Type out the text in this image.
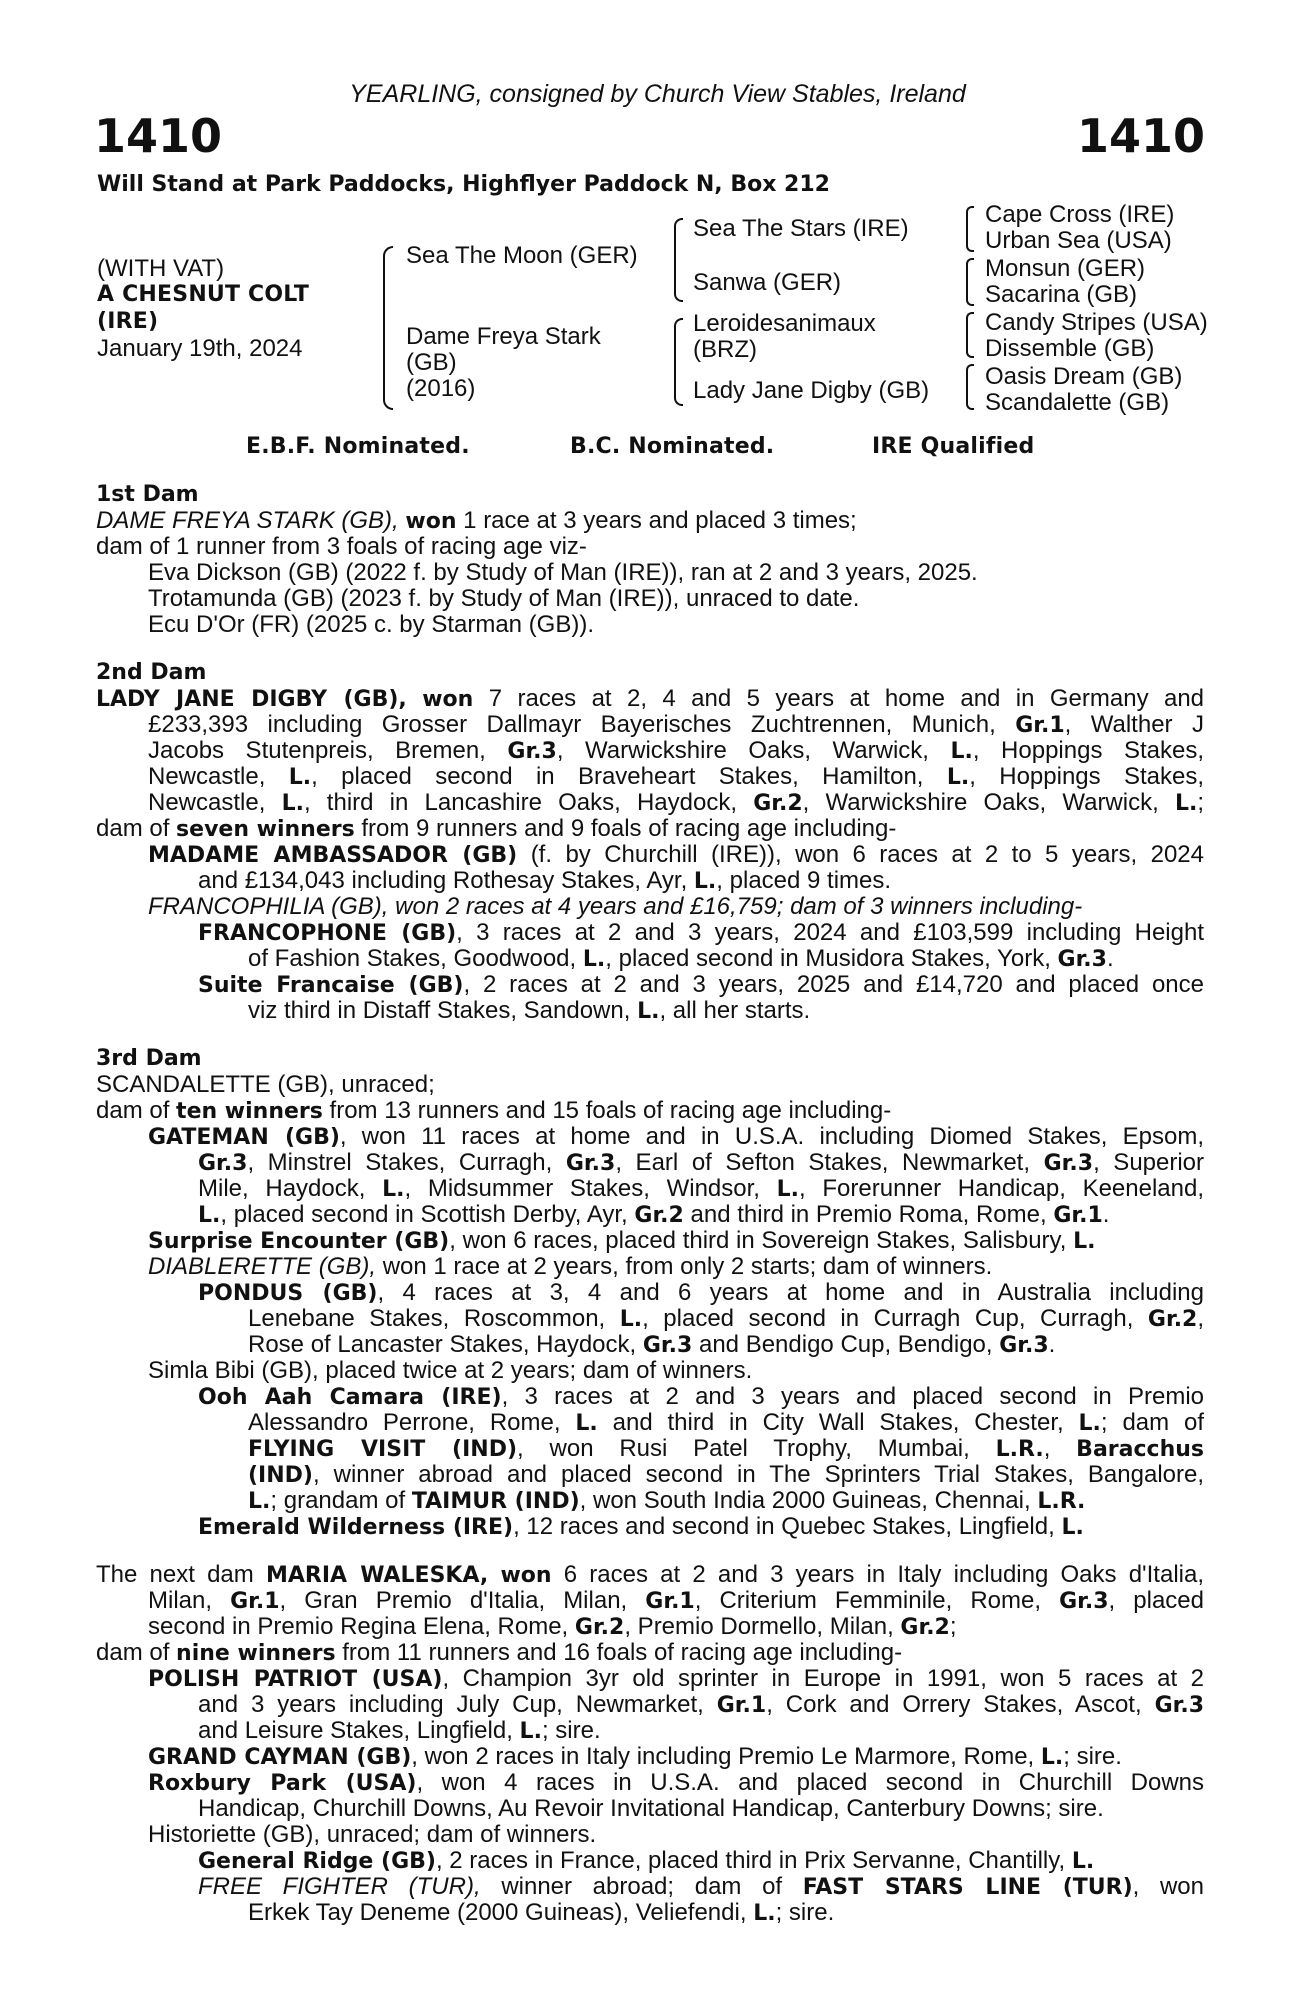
YEARLING, consigned by Church View Stables, Ireland
1410	1410
Will Stand at Park Paddocks, Highflyer Paddock N, Box 212
(WITH VAT)
A CHESNUT COLT
(IRE)
January 19th, 2024
Sea The Moon (GER)
Dame Freya Stark
(GB)
(2016)
Sea The Stars (IRE)
Sanwa (GER)
Leroidesanimaux
(BRZ)
Lady Jane Digby (GB)
Cape Cross (IRE)
Urban Sea (USA)
Monsun (GER)
Sacarina (GB)
Candy Stripes (USA)
Dissemble (GB)
Oasis Dream (GB)
Scandalette (GB)
E.B.F. Nominated.	B.C. Nominated.	IRE Qualified
1st Dam
DAME FREYA STARK (GB), won 1 race at 3 years and placed 3 times;
dam of 1 runner from 3 foals of racing age viz-
Eva Dickson (GB) (2022 f. by Study of Man (IRE)), ran at 2 and 3 years, 2025.
Trotamunda (GB) (2023 f. by Study of Man (IRE)), unraced to date.
Ecu D'Or (FR) (2025 c. by Starman (GB)).
2nd Dam
LADY JANE DIGBY (GB), won 7 races at 2, 4 and 5 years at home and in Germany and
£233,393 including Grosser Dallmayr Bayerisches Zuchtrennen, Munich, Gr.1, Walther J
Jacobs Stutenpreis, Bremen, Gr.3, Warwickshire Oaks, Warwick, L., Hoppings Stakes,
Newcastle, L., placed second in Braveheart Stakes, Hamilton, L., Hoppings Stakes,
Newcastle, L., third in Lancashire Oaks, Haydock, Gr.2, Warwickshire Oaks, Warwick, L.;
dam of seven winners from 9 runners and 9 foals of racing age including-
MADAME AMBASSADOR (GB) (f. by Churchill (IRE)), won 6 races at 2 to 5 years, 2024
and £134,043 including Rothesay Stakes, Ayr, L., placed 9 times.
FRANCOPHILIA (GB), won 2 races at 4 years and £16,759; dam of 3 winners including-
FRANCOPHONE (GB), 3 races at 2 and 3 years, 2024 and £103,599 including Height
of Fashion Stakes, Goodwood, L., placed second in Musidora Stakes, York, Gr.3.
Suite Francaise (GB), 2 races at 2 and 3 years, 2025 and £14,720 and placed once
viz third in Distaff Stakes, Sandown, L., all her starts.
3rd Dam
SCANDALETTE (GB), unraced;
dam of ten winners from 13 runners and 15 foals of racing age including-
GATEMAN (GB), won 11 races at home and in U.S.A. including Diomed Stakes, Epsom,
Gr.3, Minstrel Stakes, Curragh, Gr.3, Earl of Sefton Stakes, Newmarket, Gr.3, Superior
Mile, Haydock, L., Midsummer Stakes, Windsor, L., Forerunner Handicap, Keeneland,
L., placed second in Scottish Derby, Ayr, Gr.2 and third in Premio Roma, Rome, Gr.1.
Surprise Encounter (GB), won 6 races, placed third in Sovereign Stakes, Salisbury, L.
DIABLERETTE (GB), won 1 race at 2 years, from only 2 starts; dam of winners.
PONDUS (GB), 4 races at 3, 4 and 6 years at home and in Australia including
Lenebane Stakes, Roscommon, L., placed second in Curragh Cup, Curragh, Gr.2,
Rose of Lancaster Stakes, Haydock, Gr.3 and Bendigo Cup, Bendigo, Gr.3.
Simla Bibi (GB), placed twice at 2 years; dam of winners.
Ooh Aah Camara (IRE), 3 races at 2 and 3 years and placed second in Premio
Alessandro Perrone, Rome, L. and third in City Wall Stakes, Chester, L.; dam of
FLYING VISIT (IND), won Rusi Patel Trophy, Mumbai, L.R., Baracchus
(IND), winner abroad and placed second in The Sprinters Trial Stakes, Bangalore,
L.; grandam of TAIMUR (IND), won South India 2000 Guineas, Chennai, L.R.
Emerald Wilderness (IRE), 12 races and second in Quebec Stakes, Lingfield, L.
The next dam MARIA WALESKA, won 6 races at 2 and 3 years in Italy including Oaks d'Italia,
Milan, Gr.1, Gran Premio d'Italia, Milan, Gr.1, Criterium Femminile, Rome, Gr.3, placed
second in Premio Regina Elena, Rome, Gr.2, Premio Dormello, Milan, Gr.2;
dam of nine winners from 11 runners and 16 foals of racing age including-
POLISH PATRIOT (USA), Champion 3yr old sprinter in Europe in 1991, won 5 races at 2
and 3 years including July Cup, Newmarket, Gr.1, Cork and Orrery Stakes, Ascot, Gr.3
and Leisure Stakes, Lingfield, L.; sire.
GRAND CAYMAN (GB), won 2 races in Italy including Premio Le Marmore, Rome, L.; sire.
Roxbury Park (USA), won 4 races in U.S.A. and placed second in Churchill Downs
Handicap, Churchill Downs, Au Revoir Invitational Handicap, Canterbury Downs; sire.
Historiette (GB), unraced; dam of winners.
General Ridge (GB), 2 races in France, placed third in Prix Servanne, Chantilly, L.
FREE FIGHTER (TUR), winner abroad; dam of FAST STARS LINE (TUR), won
Erkek Tay Deneme (2000 Guineas), Veliefendi, L.; sire.
